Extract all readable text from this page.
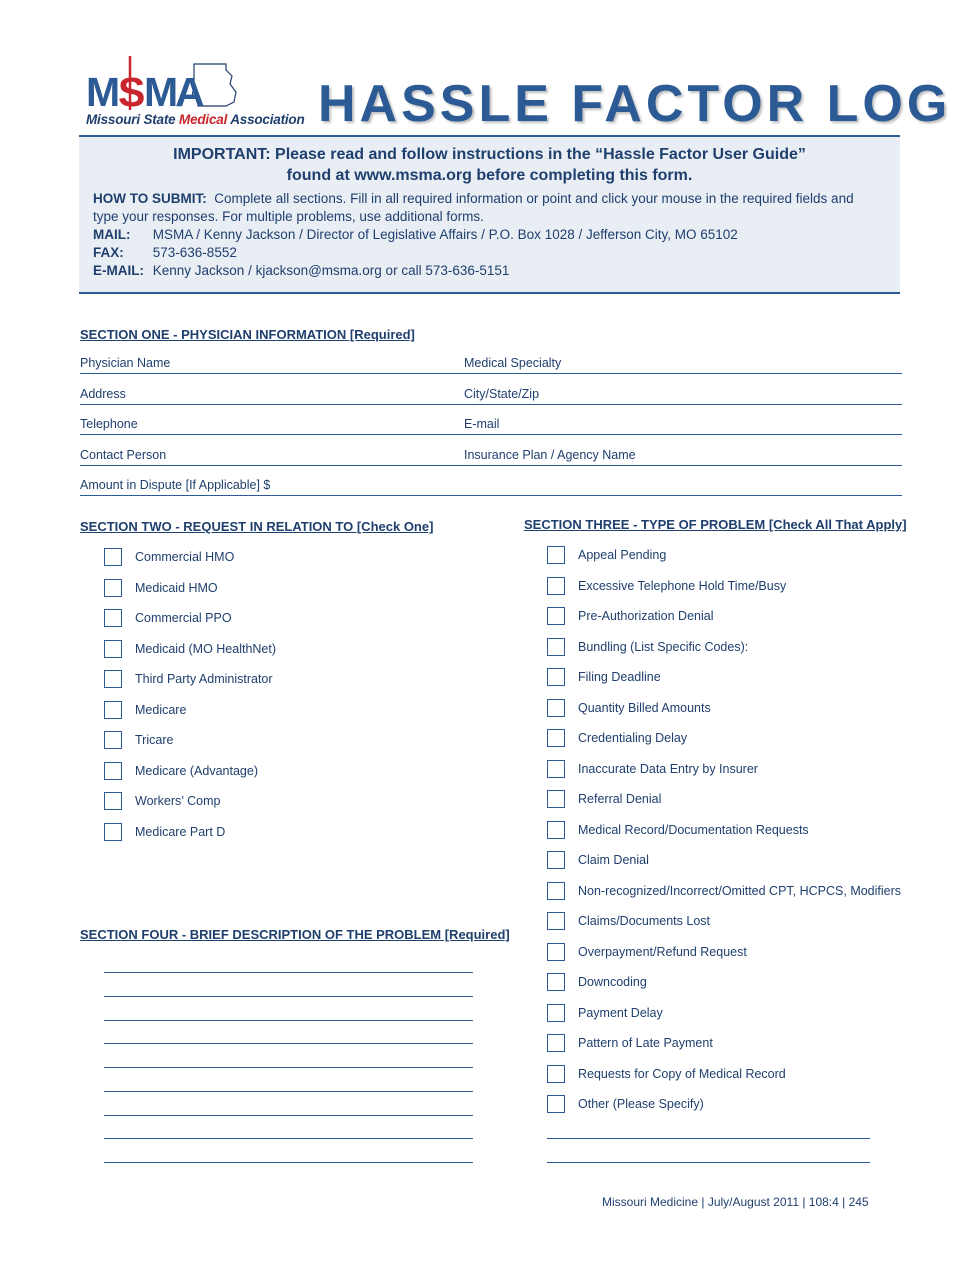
M S
MA
Missouri State Medical Association HASSLE FACTOR LOG
IMPORTANT: Please read and follow instructions in the “Hassle Factor User Guide”
found at www.msma.org before completing this form.
HOW TO SUBMIT: Complete all sections. Fill in all required information or point and click your mouse in the required fields and
type your responses. For multiple problems, use additional forms.
MAIL: MSMA / Kenny Jackson / Director of Legislative Affairs / P.O. Box 1028 / Jefferson City, MO 65102
FAX: 573-636-8552
E-MAIL: Kenny Jackson / kjackson@msma.org or call 573-636-5151
SECTION ONE - PHYSICIAN INFORMATION [Required]
Physician Name	Medical Specialty
Address	City/State/Zip
Telephone	E-mail
Contact Person	Insurance Plan / Agency Name
Amount in Dispute [If Applicable] $
SECTION TWO - REQUEST IN RELATION TO [Check One]
Commercial HMO
Medicaid HMO
Commercial PPO
Medicaid (MO HealthNet)
Third Party Administrator
Medicare
Tricare
Medicare (Advantage)
Workers’ Comp
Medicare Part D
SECTION THREE - TYPE OF PROBLEM [Check All That Apply]
Appeal Pending
Excessive Telephone Hold Time/Busy
Pre-Authorization Denial
Bundling (List Specific Codes):
Filing Deadline
Quantity Billed Amounts
Credentialing Delay
Inaccurate Data Entry by Insurer
Referral Denial
Medical Record/Documentation Requests
Claim Denial
Non-recognized/Incorrect/Omitted CPT, HCPCS, Modifiers
Claims/Documents Lost
Overpayment/Refund Request
Downcoding
Payment Delay
Pattern of Late Payment
Requests for Copy of Medical Record
Other (Please Specify)
SECTION FOUR - BRIEF DESCRIPTION OF THE PROBLEM [Required]
Missouri Medicine | July/August 2011 | 108:4 | 245
